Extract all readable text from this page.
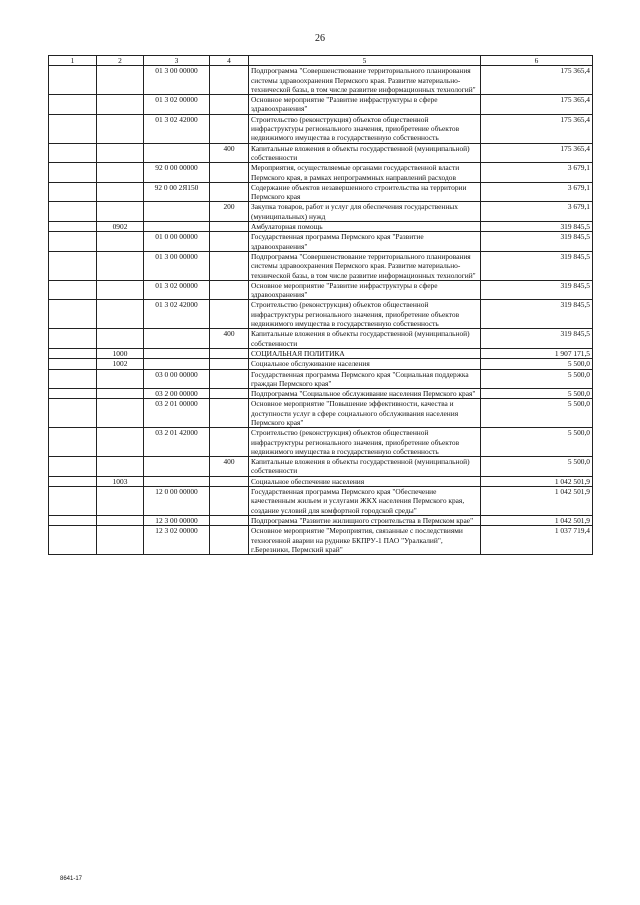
26
1	2	3	4	5	6
		01 3 00 00000		Подпрограмма "Совершенствование территориального планирования системы здравоохранения Пермского края. Развитие материально-технической базы, в том числе развитие информационных технологий"	175 365,4
		01 3 02 00000		Основное мероприятие "Развитие инфраструктуры в сфере здравоохранения"	175 365,4
		01 3 02 42000		Строительство (реконструкция) объектов общественной инфраструктуры регионального значения, приобретение объектов недвижимого имущества в государственную собственность	175 365,4
			400	Капитальные вложения в объекты государственной (муниципальной) собственности	175 365,4
		92 0 00 00000		Мероприятия, осуществляемые органами государственной власти Пермского края, в рамках непрограммных направлений расходов	3 679,1
		92 0 00 2Я150		Содержание объектов незавершенного строительства на территории Пермского края	3 679,1
			200	Закупка товаров, работ и услуг для обеспечения государственных (муниципальных) нужд	3 679,1
	0902			Амбулаторная помощь	319 845,5
		01 0 00 00000		Государственная программа Пермского края "Развитие здравоохранения"	319 845,5
		01 3 00 00000		Подпрограмма "Совершенствование территориального планирования системы здравоохранения Пермского края. Развитие материально-технической базы, в том числе развитие информационных технологий"	319 845,5
		01 3 02 00000		Основное мероприятие "Развитие инфраструктуры в сфере здравоохранения"	319 845,5
		01 3 02 42000		Строительство (реконструкция) объектов общественной инфраструктуры регионального значения, приобретение объектов недвижимого имущества в государственную собственность	319 845,5
			400	Капитальные вложения в объекты государственной (муниципальной) собственности	319 845,5
	1000			СОЦИАЛЬНАЯ ПОЛИТИКА	1 907 171,5
	1002			Социальное обслуживание населения	5 500,0
		03 0 00 00000		Государственная программа Пермского края "Социальная поддержка граждан Пермского края"	5 500,0
		03 2 00 00000		Подпрограмма "Социальное обслуживание населения Пермского края"	5 500,0
		03 2 01 00000		Основное мероприятие "Повышение эффективности, качества и доступности услуг в сфере социального обслуживания населения Пермского края"	5 500,0
		03 2 01 42000		Строительство (реконструкция) объектов общественной инфраструктуры регионального значения, приобретение объектов недвижимого имущества в государственную собственность	5 500,0
			400	Капитальные вложения в объекты государственной (муниципальной) собственности	5 500,0
	1003			Социальное обеспечение населения	1 042 501,9
		12 0 00 00000		Государственная программа Пермского края "Обеспечение качественным жильем и услугами ЖКХ населения Пермского края, создание условий для комфортной городской среды"	1 042 501,9
		12 3 00 00000		Подпрограмма "Развитие жилищного строительства в Пермском крае"	1 042 501,9
		12 3 02 00000		Основное мероприятие "Мероприятия, связанные с последствиями техногенной аварии на руднике БКПРУ-1 ПАО "Уралкалий", г.Березники, Пермский край"	1 037 719,4
8641-17
